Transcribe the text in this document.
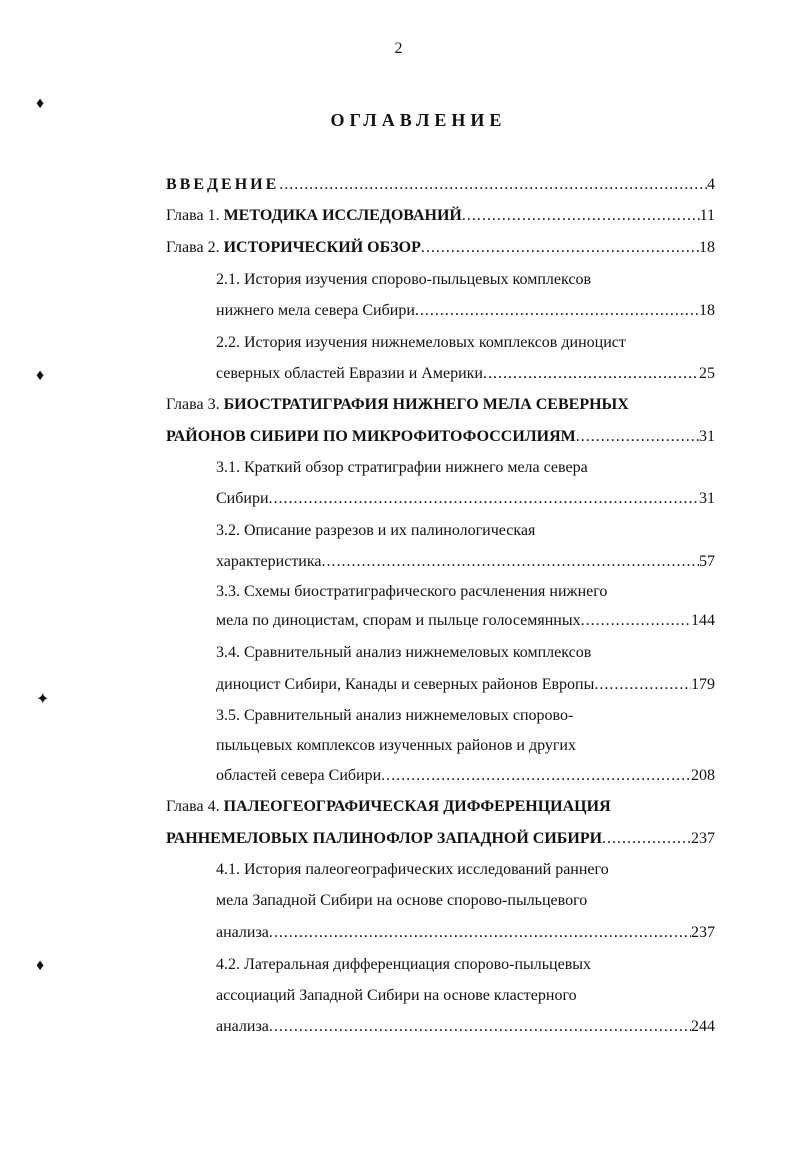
2
ОГЛАВЛЕНИЕ
ВВЕДЕНИЕ .....	4
Глава 1. МЕТОДИКА ИССЛЕДОВАНИЙ .....	11
Глава 2. ИСТОРИЧЕСКИЙ ОБЗОР .....	18
2.1. История изучения спорово-пыльцевых комплексов
нижнего мела севера Сибири .....	18
2.2. История изучения нижнемеловых комплексов диноцист
северных областей Евразии и Америки .....	25
Глава 3. БИОСТРАТИГРАФИЯ НИЖНЕГО МЕЛА СЕВЕРНЫХ
РАЙОНОВ СИБИРИ ПО МИКРОФИТОФОССИЛИЯМ .....	31
3.1. Краткий обзор стратиграфии нижнего мела севера
Сибири .....	31
3.2. Описание разрезов и их палинологическая
характеристика .....	57
3.3. Схемы биостратиграфического расчленения нижнего
мела по диноцистам, спорам и пыльце голосемянных .....	144
3.4. Сравнительный анализ нижнемеловых комплексов
диноцист Сибири, Канады и северных районов Европы .....	179
3.5. Сравнительный анализ нижнемеловых спорово-
пыльцевых комплексов изученных районов и других
областей севера Сибири .....	208
Глава 4. ПАЛЕОГЕОГРАФИЧЕСКАЯ ДИФФЕРЕНЦИАЦИЯ
РАННЕМЕЛОВЫХ ПАЛИНОФЛОР ЗАПАДНОЙ СИБИРИ .....	237
4.1. История палеогеографических исследований раннего
мела Западной Сибири на основе спорово-пыльцевого
анализа .....	237
4.2. Латеральная дифференциация спорово-пыльцевых
ассоциаций Западной Сибири на основе кластерного
анализа .....	244
♦
♦
✦
♦
